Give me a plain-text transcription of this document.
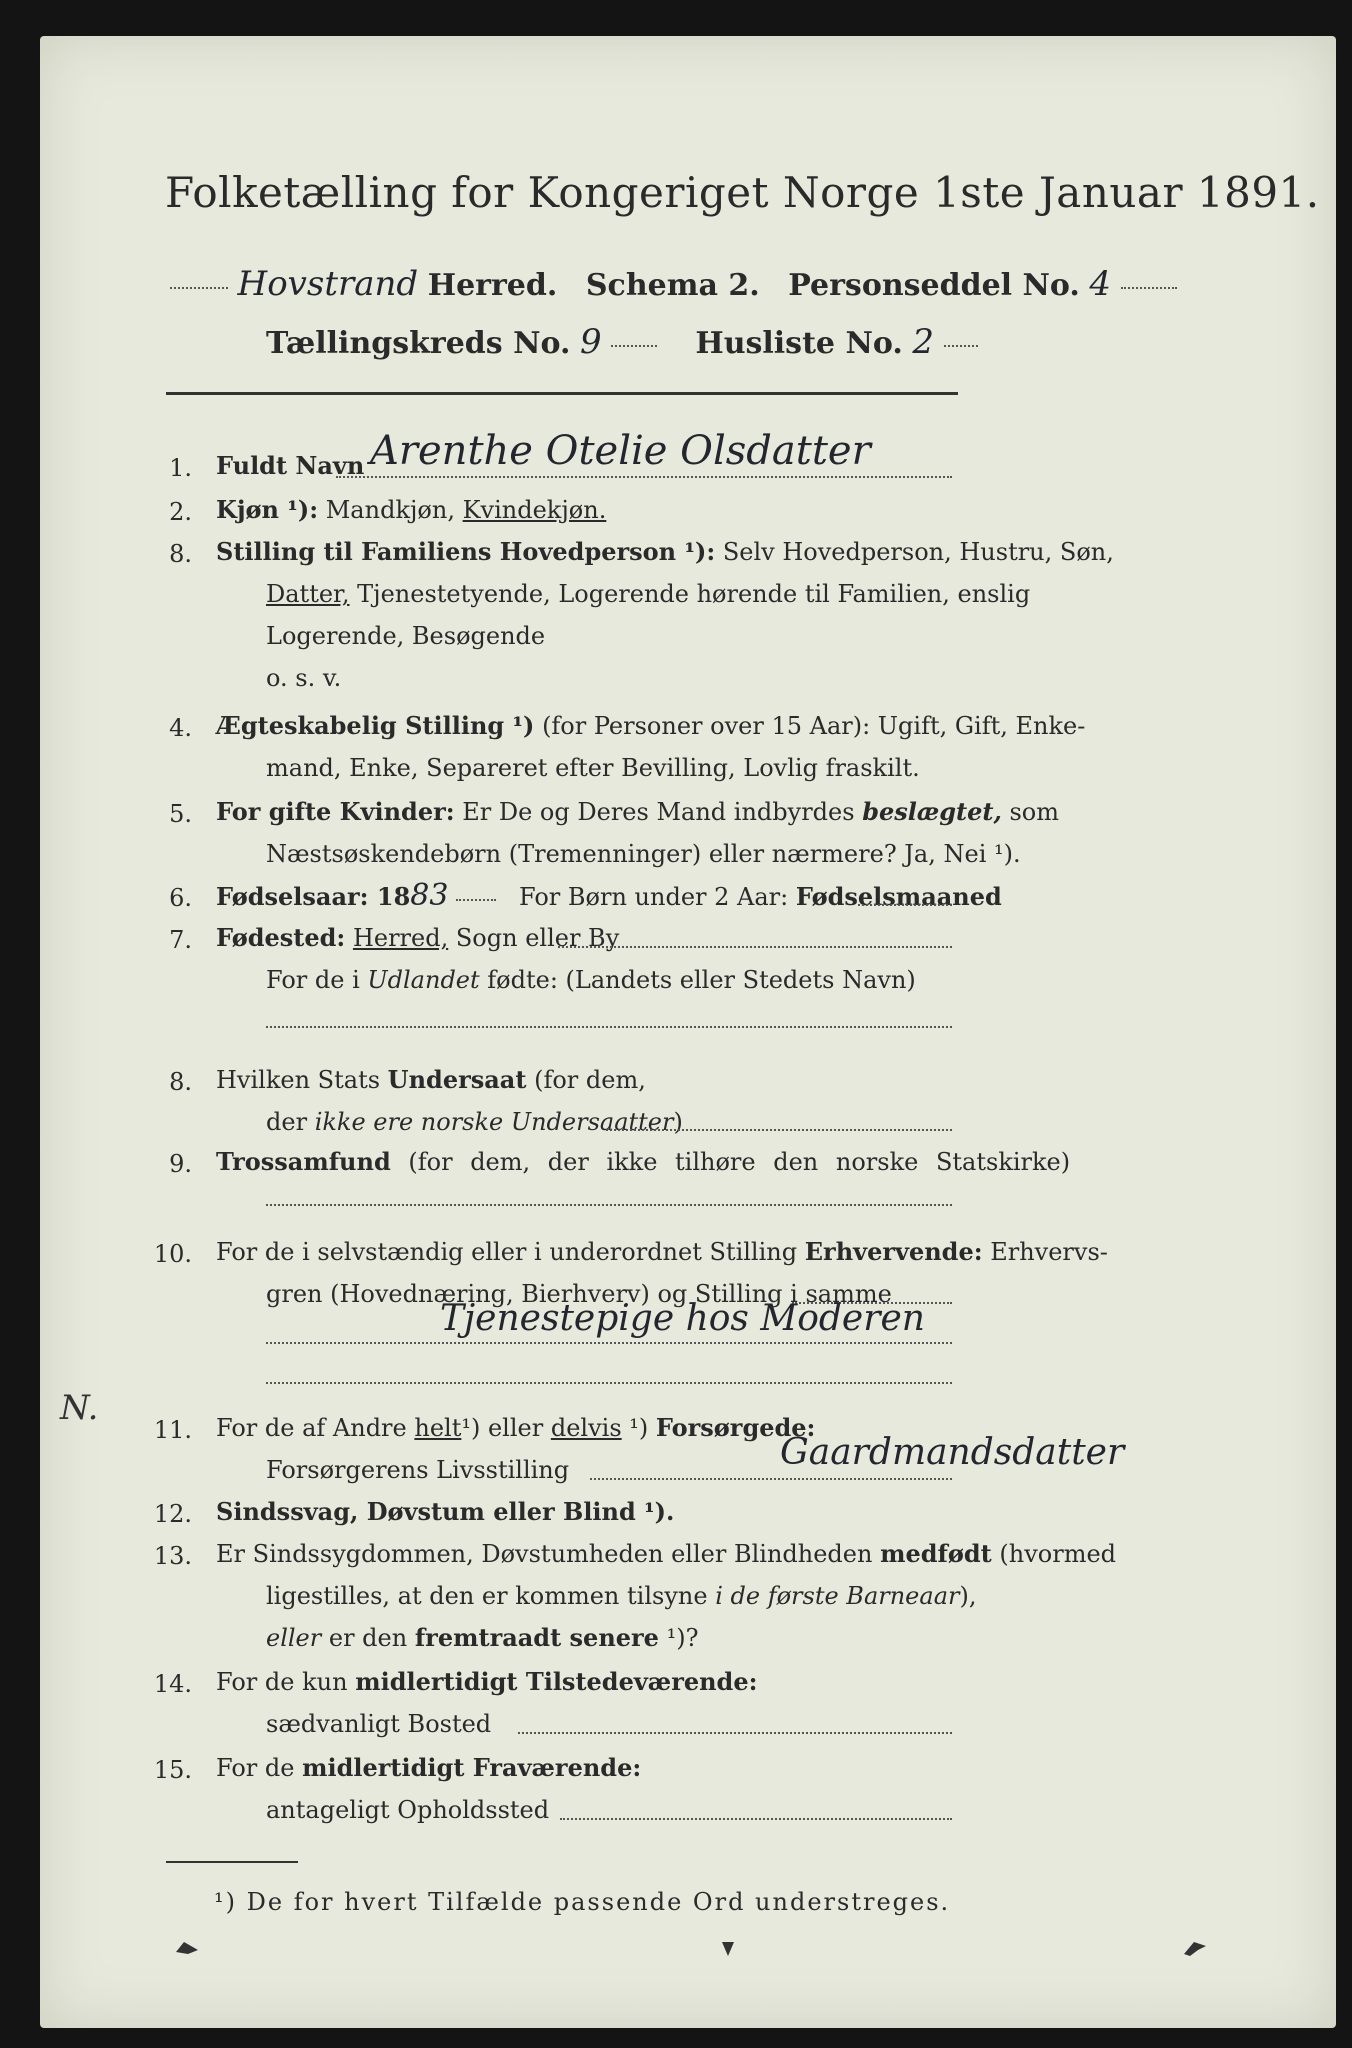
Folketælling for Kongeriget Norge 1ste Januar 1891.
Hovstrand Herred. Schema 2. Personseddel No. 4
Tællingskreds No. 9	Husliste No. 2
1. Fuldt Navn Arenthe Otelie Olsdatter
2. Kjøn ¹): Mandkjøn, Kvindekjøn.
8. Stilling til Familiens Hovedperson ¹): Selv Hovedperson, Hustru, Søn,
Datter, Tjenestetyende, Logerende hørende til Familien, enslig
Logerende, Besøgende
o. s. v.
4. Ægteskabelig Stilling ¹) (for Personer over 15 Aar): Ugift, Gift, Enke-
mand, Enke, Separeret efter Bevilling, Lovlig fraskilt.
5. For gifte Kvinder: Er De og Deres Mand indbyrdes beslægtet, som
Næstsøskendebørn (Tremenninger) eller nærmere? Ja, Nei ¹).
6. Fødselsaar: 1883	For Børn under 2 Aar: Fødselsmaaned
7. Fødested: Herred, Sogn eller By
For de i Udlandet fødte: (Landets eller Stedets Navn)
8. Hvilken Stats Undersaat (for dem,
der ikke ere norske Undersaatter)
9. Trossamfund (for dem, der ikke tilhøre den norske Statskirke)
10. For de i selvstændig eller i underordnet Stilling Erhvervende: Erhvervs-
gren (Hovednæring, Bierhverv) og Stilling i samme
Tjenestepige hos Moderen
N.
11. For de af Andre helt¹) eller delvis ¹) Forsørgede:
Forsørgerens Livsstilling	Gaardmandsdatter
12. Sindssvag, Døvstum eller Blind ¹).
13. Er Sindssygdommen, Døvstumheden eller Blindheden medfødt (hvormed
ligestilles, at den er kommen tilsyne i de første Barneaar),
eller er den fremtraadt senere ¹)?
14. For de kun midlertidigt Tilstedeværende:
sædvanligt Bosted
15. For de midlertidigt Fraværende:
antageligt Opholdssted
¹) De for hvert Tilfælde passende Ord understreges.
